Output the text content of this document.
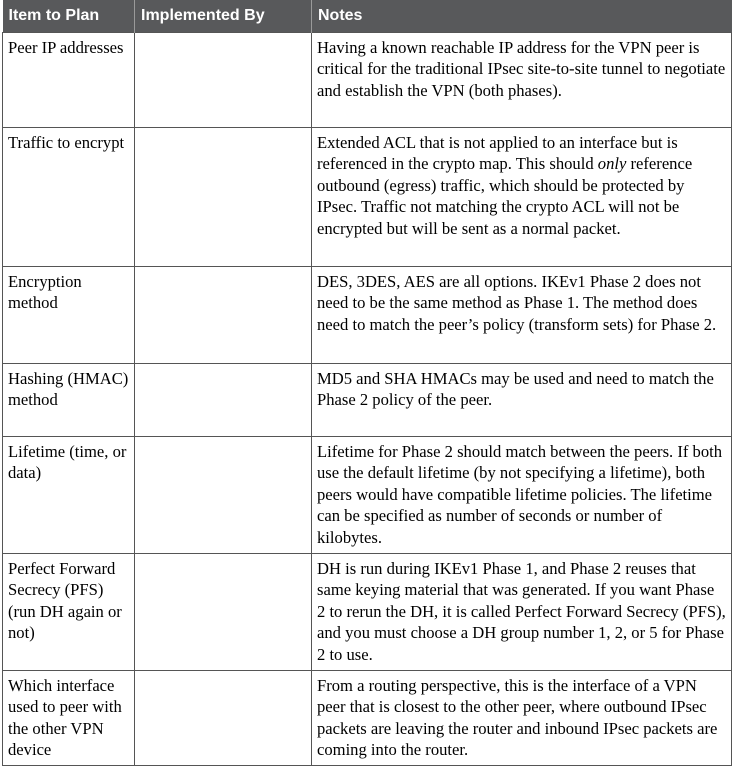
Item to Plan	Implemented By	Notes
Peer IP addresses		Having a known reachable IP address for the VPN peer is critical for the traditional IPsec site-to-site tunnel to negotiate and establish the VPN (both phases).
Traffic to encrypt		Extended ACL that is not applied to an interface but is referenced in the crypto map. This should only reference outbound (egress) traffic, which should be protected by IPsec. Traffic not matching the crypto ACL will not be encrypted but will be sent as a normal packet.
Encryption method		DES, 3DES, AES are all options. IKEv1 Phase 2 does not need to be the same method as Phase 1. The method does need to match the peer’s policy (transform sets) for Phase 2.
Hashing (HMAC) method		MD5 and SHA HMACs may be used and need to match the Phase 2 policy of the peer.
Lifetime (time, or data)		Lifetime for Phase 2 should match between the peers. If both use the default lifetime (by not specifying a lifetime), both peers would have compatible lifetime policies. The lifetime can be specified as number of seconds or number of kilobytes.
Perfect Forward Secrecy (PFS) (run DH again or not)		DH is run during IKEv1 Phase 1, and Phase 2 reuses that same keying material that was generated. If you want Phase 2 to rerun the DH, it is called Perfect Forward Secrecy (PFS), and you must choose a DH group number 1, 2, or 5 for Phase 2 to use.
Which interface used to peer with the other VPN device		From a routing perspective, this is the interface of a VPN peer that is closest to the other peer, where outbound IPsec packets are leaving the router and inbound IPsec packets are coming into the router.
